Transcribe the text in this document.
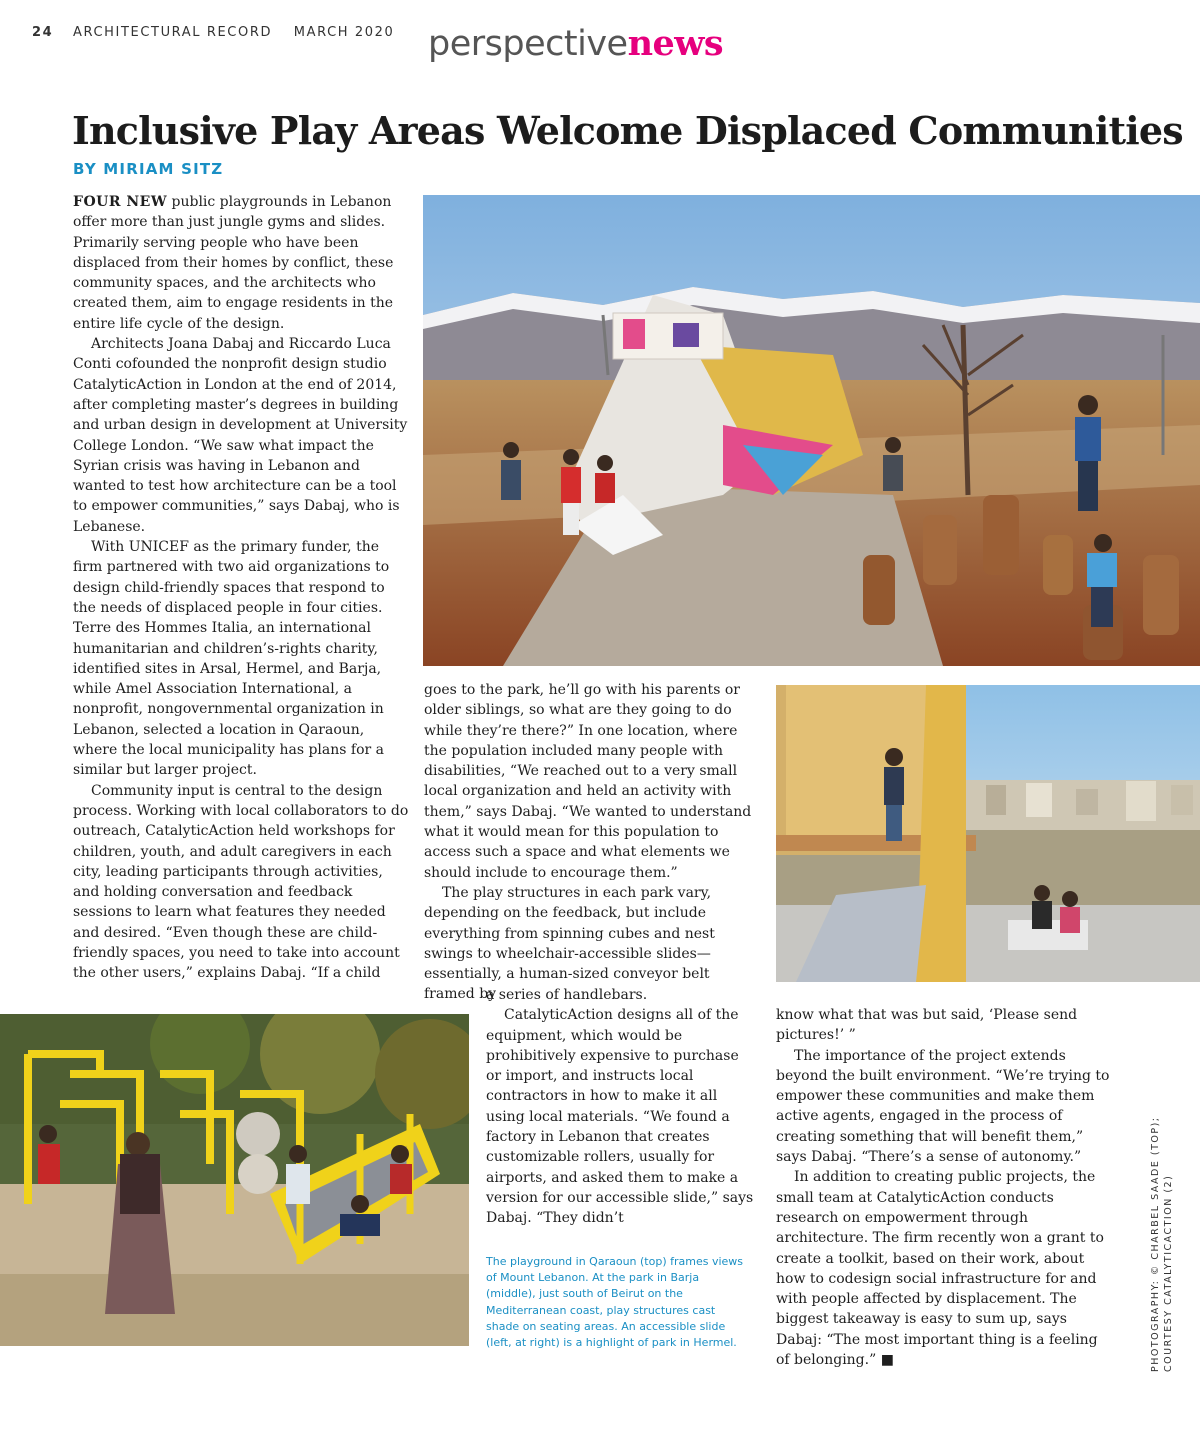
24 ARCHITECTURAL RECORD MARCH 2020 perspectivenews
Inclusive Play Areas Welcome Displaced Communities
BY MIRIAM SITZ

FOUR NEW public playgrounds in Lebanon offer more than just jungle gyms and slides. Primarily serving people who have been displaced from their homes by conflict, these community spaces, and the architects who created them, aim to engage residents in the entire life cycle of the design.

Architects Joana Dabaj and Riccardo Luca Conti cofounded the nonprofit design studio CatalyticAction in London at the end of 2014, after completing master’s degrees in building and urban design in development at University College London. “We saw what impact the Syrian crisis was having in Lebanon and wanted to test how architecture can be a tool to empower communities,” says Dabaj, who is Lebanese.

With UNICEF as the primary funder, the firm partnered with two aid organizations to design child-friendly spaces that respond to the needs of displaced people in four cities. Terre des Hommes Italia, an international humanitarian and children’s-rights charity, identified sites in Arsal, Hermel, and Barja, while Amel Association International, a nonprofit, nongovernmental organization in Lebanon, selected a location in Qaraoun, where the local municipality has plans for a similar but larger project.

Community input is central to the design process. Working with local collaborators to do outreach, CatalyticAction held workshops for children, youth, and adult caregivers in each city, leading participants through activities, and holding conversation and feedback sessions to learn what features they needed and desired. “Even though these are child-friendly spaces, you need to take into account the other users,” explains Dabaj. “If a child

goes to the park, he’ll go with his parents or older siblings, so what are they going to do while they’re there?” In one location, where the population included many people with disabilities, “We reached out to a very small local organization and held an activity with them,” says Dabaj. “We wanted to understand what it would mean for this population to access such a space and what elements we should include to encourage them.”

The play structures in each park vary, depending on the feedback, but include everything from spinning cubes and nest swings to wheelchair-accessible slides—essentially, a human-sized conveyor belt framed by

a series of handlebars.

CatalyticAction designs all of the equipment, which would be prohibitively expensive to purchase or import, and instructs local contractors in how to make it all using local materials. “We found a factory in Lebanon that creates customizable rollers, usually for airports, and asked them to make a version for our accessible slide,” says Dabaj. “They didn’t

know what that was but said, ‘Please send pictures!’ ”

The importance of the project extends beyond the built environment. “We’re trying to empower these communities and make them active agents, engaged in the process of creating something that will benefit them,” says Dabaj. “There’s a sense of autonomy.”

In addition to creating public projects, the small team at CatalyticAction conducts research on empowerment through architecture. The firm recently won a grant to create a toolkit, based on their work, about how to codesign social infrastructure for and with people affected by displacement. The biggest takeaway is easy to sum up, says Dabaj: “The most important thing is a feeling of belonging.” ■

The playground in Qaraoun (top) frames views of Mount Lebanon. At the park in Barja (middle), just south of Beirut on the Mediterranean coast, play structures cast shade on seating areas. An accessible slide (left, at right) is a highlight of park in Hermel.	PHOTOGRAPHY: © CHARBEL SAADE (TOP); COURTESY CATALYTICACTION (2)
